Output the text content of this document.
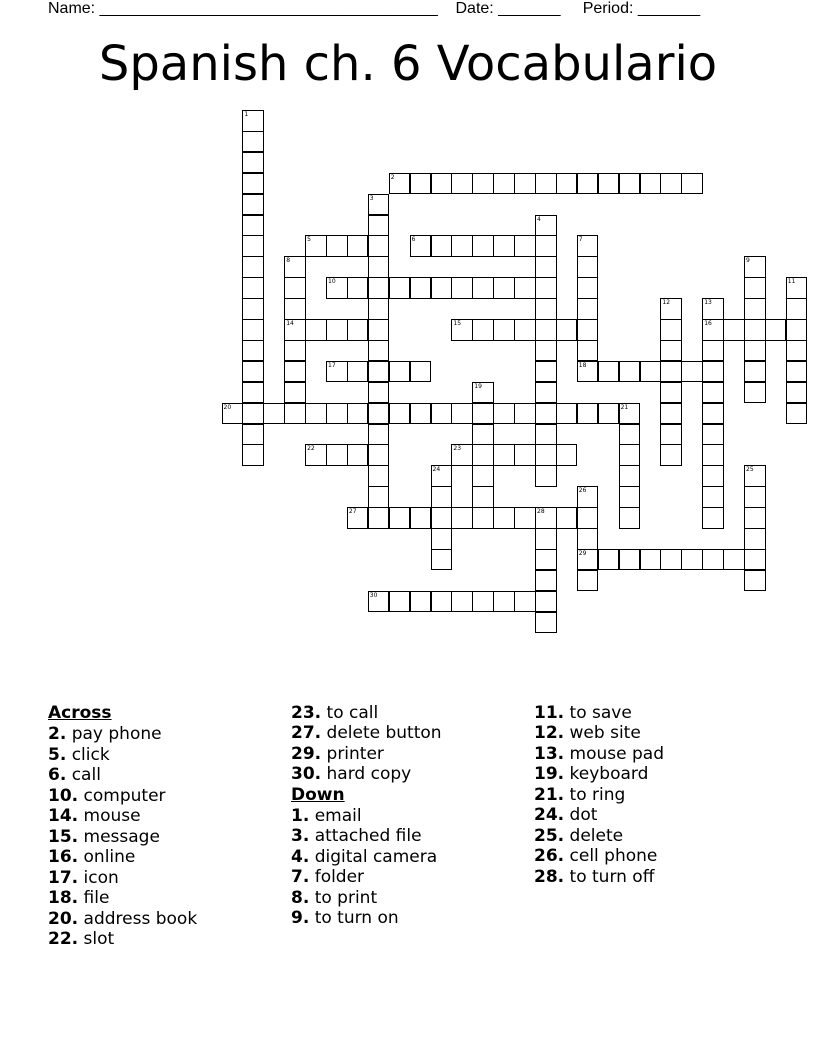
Name: ______________________________________ Date: _______ Period: _______
Spanish ch. 6 Vocabulario
1
2
3
4
5	6	7
8	9
10	11
12	13
14	15	16
17	18
19
20	21
22	23
24	25
26
27	28
29
30
Across
2. pay phone
5. click
6. call
10. computer
14. mouse
15. message
16. online
17. icon
18. file
20. address book
22. slot
23. to call
27. delete button
29. printer
30. hard copy
Down
1. email
3. attached file
4. digital camera
7. folder
8. to print
9. to turn on
11. to save
12. web site
13. mouse pad
19. keyboard
21. to ring
24. dot
25. delete
26. cell phone
28. to turn off
